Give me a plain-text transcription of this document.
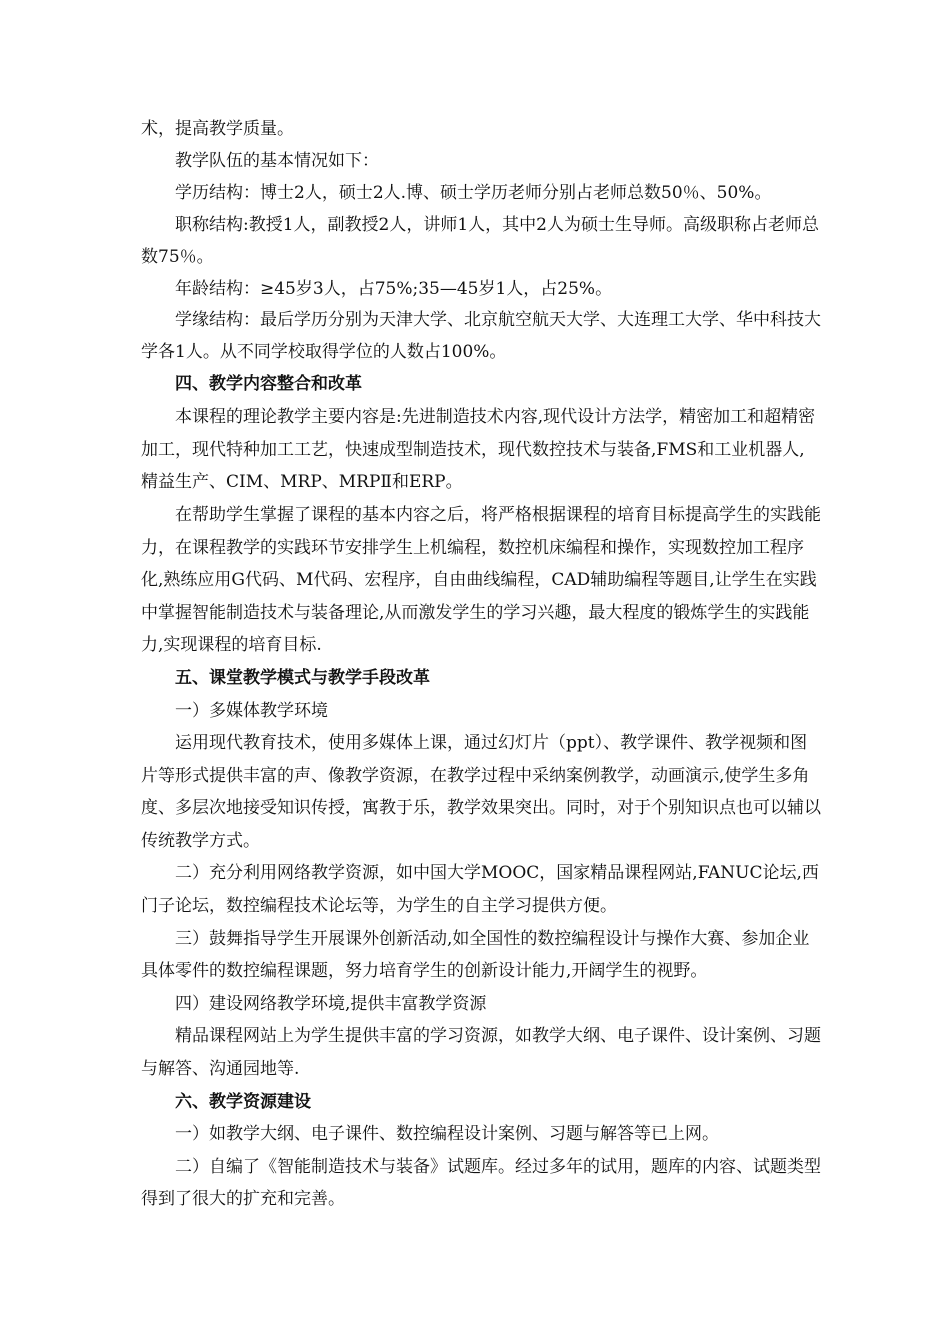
术，提高教学质量。

教学队伍的基本情况如下：

学历结构：博士2人，硕士2人.博、硕士学历老师分别占老师总数50％、50%。

职称结构:教授1人，副教授2人，讲师1人，其中2人为硕士生导师。高级职称占老师总数75％。

年龄结构：≥45岁3人，占75%;35—45岁1人，占25%。

学缘结构：最后学历分别为天津大学、北京航空航天大学、大连理工大学、华中科技大学各1人。从不同学校取得学位的人数占100%。

四、教学内容整合和改革

本课程的理论教学主要内容是:先进制造技术内容,现代设计方法学，精密加工和超精密加工，现代特种加工工艺，快速成型制造技术，现代数控技术与装备,FMS和工业机器人,精益生产、CIM、MRP、MRPⅡ和ERP。

在帮助学生掌握了课程的基本内容之后，将严格根据课程的培育目标提高学生的实践能力，在课程教学的实践环节安排学生上机编程，数控机床编程和操作，实现数控加工程序化,熟练应用G代码、M代码、宏程序，自由曲线编程，CAD辅助编程等题目,让学生在实践中掌握智能制造技术与装备理论,从而激发学生的学习兴趣，最大程度的锻炼学生的实践能力,实现课程的培育目标.

五、课堂教学模式与教学手段改革

一）多媒体教学环境

运用现代教育技术，使用多媒体上课，通过幻灯片（ppt）、教学课件、教学视频和图片等形式提供丰富的声、像教学资源，在教学过程中采纳案例教学，动画演示,使学生多角度、多层次地接受知识传授，寓教于乐，教学效果突出。同时，对于个别知识点也可以辅以传统教学方式。

二）充分利用网络教学资源，如中国大学MOOC，国家精品课程网站,FANUC论坛,西门子论坛，数控编程技术论坛等，为学生的自主学习提供方便。

三）鼓舞指导学生开展课外创新活动,如全国性的数控编程设计与操作大赛、参加企业具体零件的数控编程课题，努力培育学生的创新设计能力,开阔学生的视野。

四）建设网络教学环境,提供丰富教学资源

精品课程网站上为学生提供丰富的学习资源，如教学大纲、电子课件、设计案例、习题与解答、沟通园地等.

六、教学资源建设

一）如教学大纲、电子课件、数控编程设计案例、习题与解答等已上网。

二）自编了《智能制造技术与装备》试题库。经过多年的试用，题库的内容、试题类型得到了很大的扩充和完善。
